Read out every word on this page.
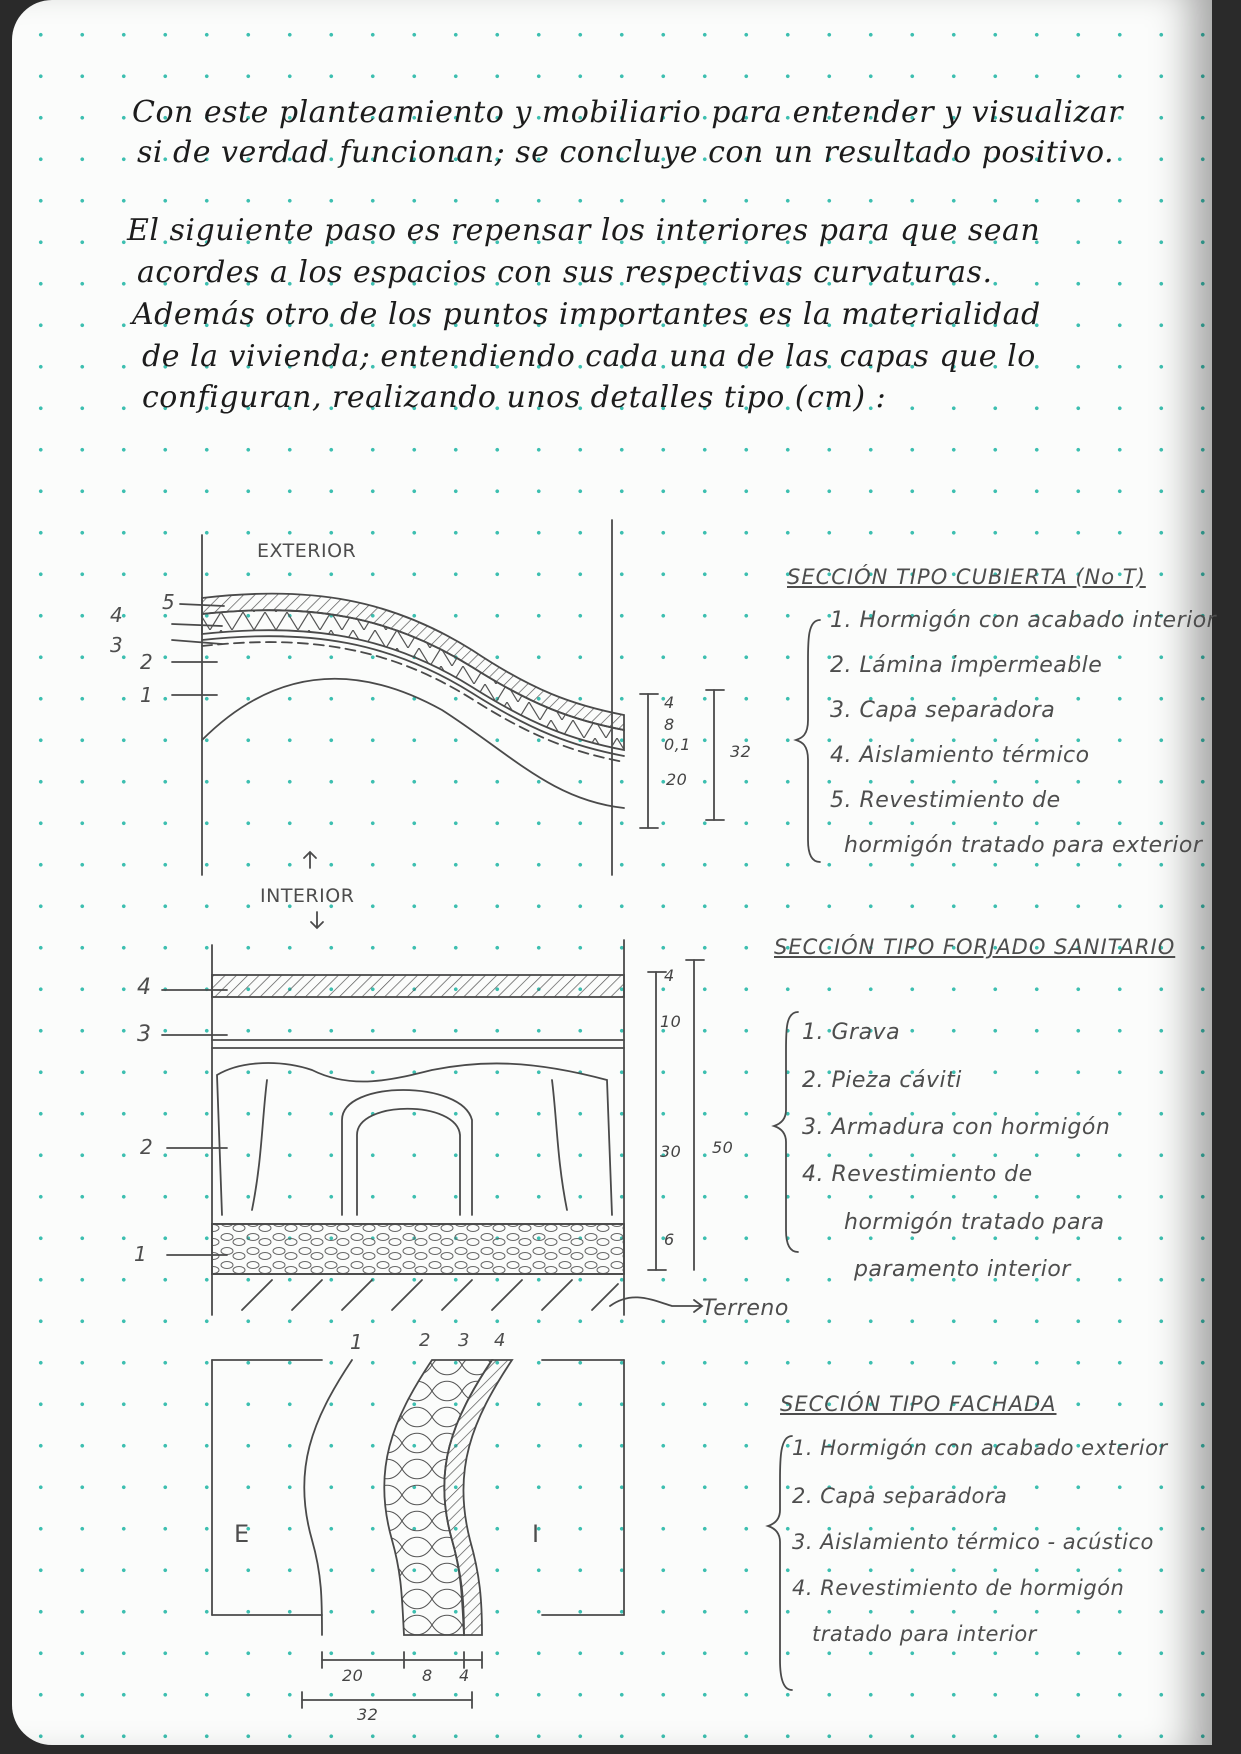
Con este planteamiento y mobiliario para entender y visualizar
si de verdad funcionan; se concluye con un resultado positivo.
El siguiente paso es repensar los interiores para que sean
acordes a los espacios con sus respectivas curvaturas.
Además otro de los puntos importantes es la materialidad
de la vivienda; entendiendo cada una de las capas que lo
configuran, realizando unos detalles tipo (cm) :
EXTERIOR
INTERIOR
5
4
3
2
1	4
8
0,1
20
32
SECCIÓN TIPO CUBIERTA (No T)
1. Hormigón con acabado interior
2. Lámina impermeable
3. Capa separadora
4. Aislamiento térmico
5. Revestimiento de
hormigón tratado para exterior
4
3
2
1
4
10
30
6
50
Terreno
SECCIÓN TIPO FORJADO SANITARIO
1. Grava
2. Pieza cáviti
3. Armadura con hormigón
4. Revestimiento de
hormigón tratado para
paramento interior
1	2 3 4
E	I
20	8 4
32
SECCIÓN TIPO FACHADA
1. Hormigón con acabado exterior
2. Capa separadora
3. Aislamiento térmico - acústico
4. Revestimiento de hormigón
tratado para interior
